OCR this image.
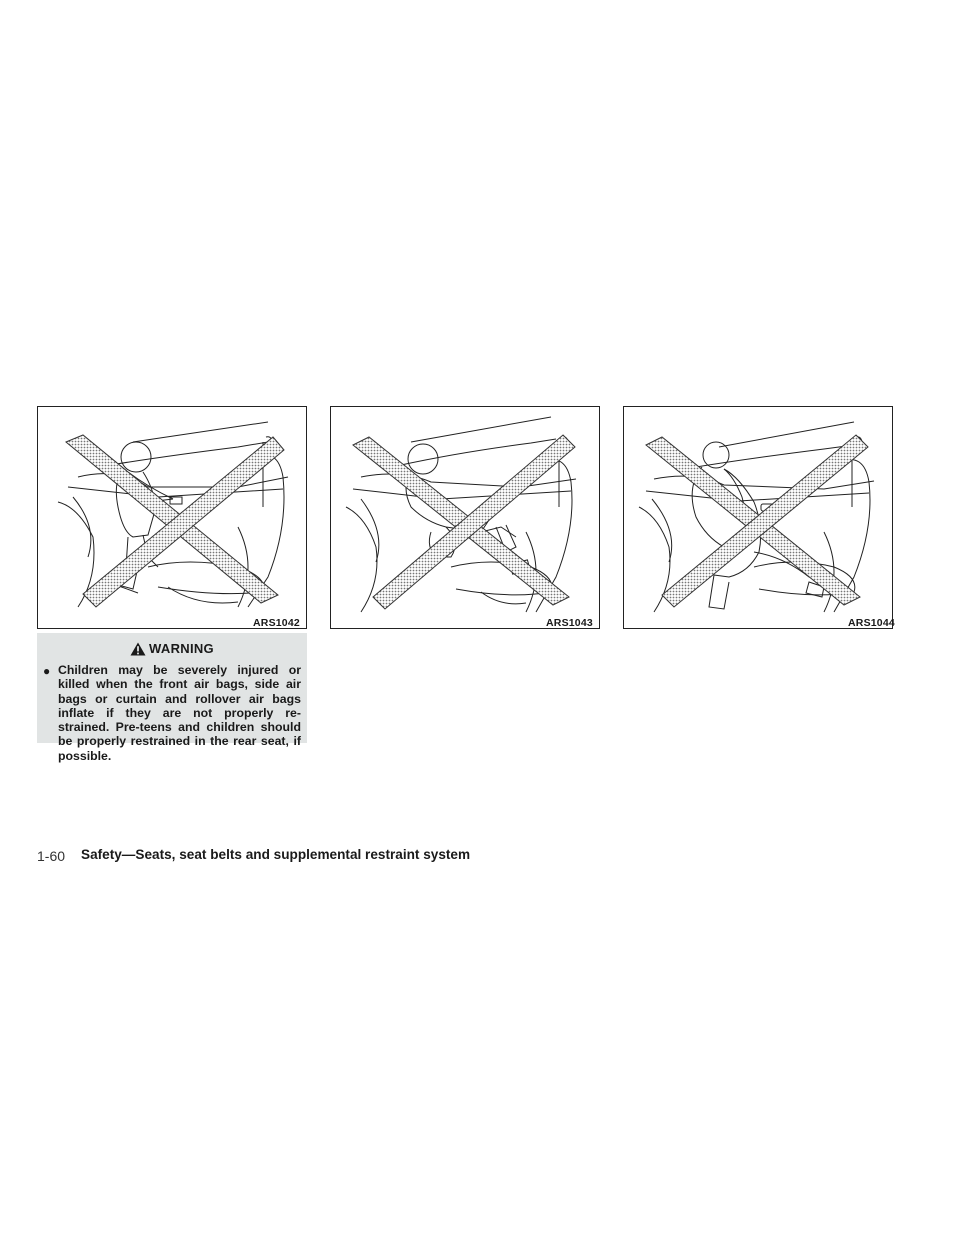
ARS1042	ARS1043	ARS1044
WARNING
● Children may be severely injured or killed when the front air bags, side air bags or curtain and rollover air bags inflate if they are not properly re-strained. Pre-teens and children should be properly restrained in the rear seat, if possible.
1-60 Safety—Seats, seat belts and supplemental restraint system
